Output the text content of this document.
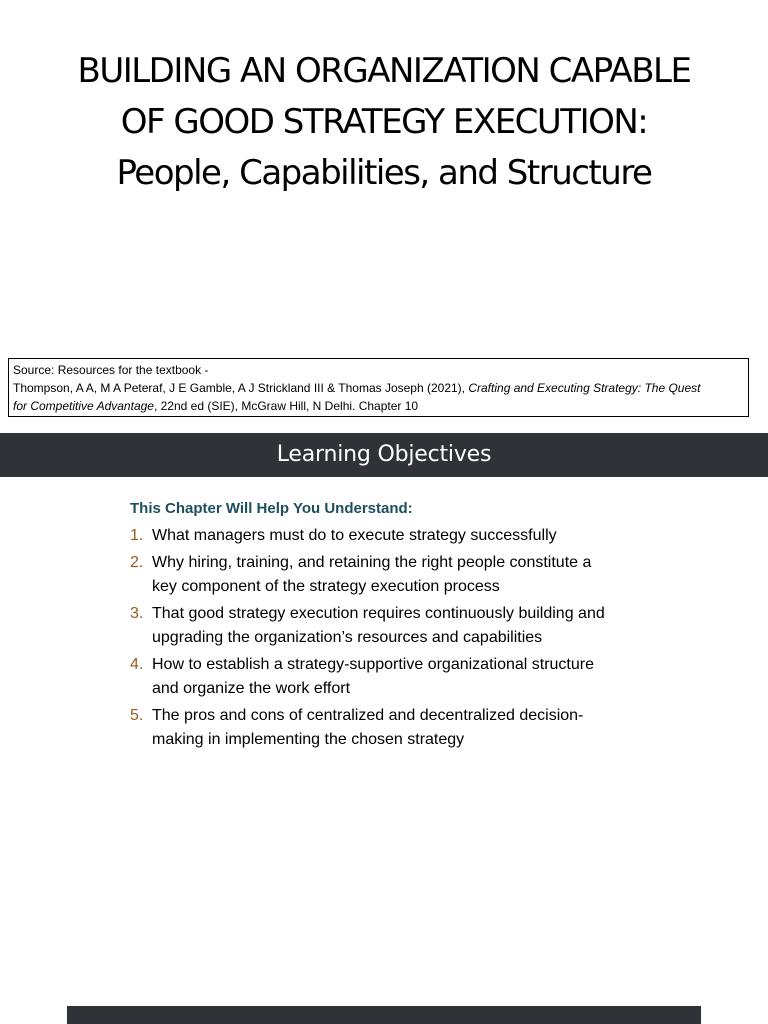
BUILDING AN ORGANIZATION CAPABLE
OF GOOD STRATEGY EXECUTION:
People, Capabilities, and Structure
Source: Resources for the textbook -
Thompson, A A, M A Peteraf, J E Gamble, A J Strickland III & Thomas Joseph (2021), Crafting and Executing Strategy: The Quest
for Competitive Advantage, 22nd ed (SIE), McGraw Hill, N Delhi. Chapter 10
Learning Objectives
This Chapter Will Help You Understand:
1. What managers must do to execute strategy successfully
2. Why hiring, training, and retaining the right people constitute a
key component of the strategy execution process
3. That good strategy execution requires continuously building and
upgrading the organization’s resources and capabilities
4. How to establish a strategy-supportive organizational structure
and organize the work effort
5. The pros and cons of centralized and decentralized decision-
making in implementing the chosen strategy
